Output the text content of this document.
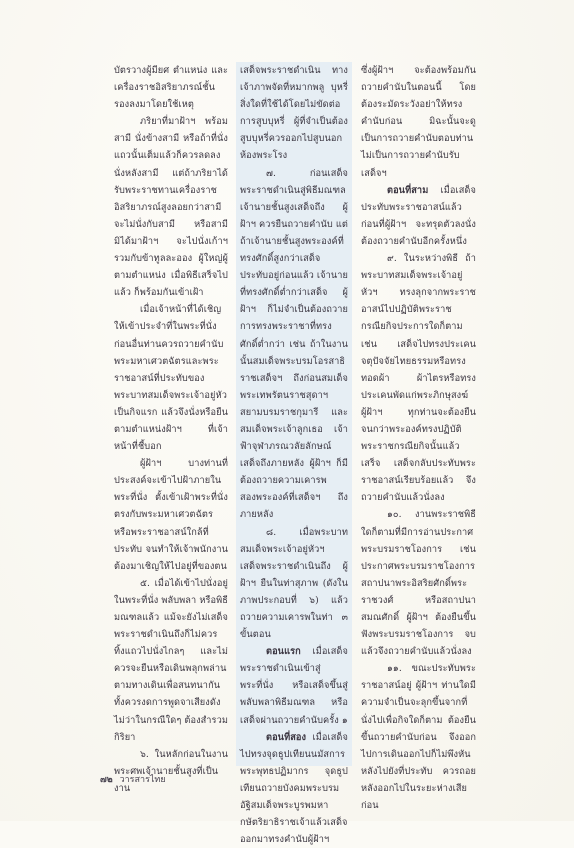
บัตรวางผู้มียศ ตำแหน่ง และเครื่องราชอิสริยาภรณ์ชั้นรองลงมาโดยใช้เหตุ

ภริยาที่มาฝ้าฯ พร้อมสามี นั่งข้างสามี หรือถ้าที่นั่งแถวนั้นเต็มแล้วก็ควรลดลงนั่งหลังสามี แต่ถ้าภริยาได้รับพระราชทานเครื่องราชอิสริยาภรณ์สูงลอยกว่าสามี จะไม่นั่งกับสามี หรือสามีมิได้มาฝ้าฯ จะไปนั่งเก้าฯ รวมกับข้าทูลละออง ผู้ใหญ่ผู้ตามตำแหน่ง เมื่อพิธีเสร็จไปแล้ว ก็พร้อมกันเข้าเฝ้า

เมื่อเจ้าหน้าที่ได้เชิญให้เข้าประจำที่ในพระที่นั่ง ก่อนอื่นท่านควรถวายคำนับพระมหาเศวตฉัตรและพระราชอาสน์ที่ประทับของพระบาทสมเด็จพระเจ้าอยู่หัวเป็นกิจแรก แล้วจึงนั่งหรือยืนตามตำแหน่งฝ้าฯ ที่เจ้าหน้าที่ชี้บอก

ผู้ฝ้าฯ บางท่านที่ประสงค์จะเข้าไปฝ้าภายในพระที่นั่ง ตั้งเข้าเฝ้าพระที่นั่งตรงกับพระมหาเศวตฉัตรหรือพระราชอาสน์ใกล้ที่ประทับ จนทำให้เจ้าพนักงานต้องมาเชิญให้ไปอยู่ที่ของตน

๕. เมื่อได้เข้าไปนั่งอยู่ในพระที่นั่ง พลับพลา หรือพิธีมณฑลแล้ว แม้จะยังไม่เสด็จพระราชดำเนินถึงก็ไม่ควรทิ้งแถวไปนั่งไกลๆ และไม่ควรจะยืนหรือเดินพลุกพล่านตามทางเดินเพื่อสนทนากัน ทั้งควรงดการพูดจาเสียงดัง ไม่ว่าในกรณีใดๆ ต้องสำรวมกิริยา

๖. ในหลักก่อนในงานพระศพเจ้านายชั้นสูงที่เป็นงาน

เสด็จพระราชดำเนิน ทางเจ้าภาพจัดที่หมากพลู บุหรี่ สิ่งใดที่ใช้ได้โดยไม่ขัดต่อการสูบบุหรี่ ผู้ที่จำเป็นต้องสูบบุหรี่ควรออกไปสูบนอกห้องพระโรง

๗. ก่อนเสด็จพระราชดำเนินสู่พิธีมณฑล เจ้านายชั้นสูงเสด็จถึง ผู้ฝ้าฯ ควรยืนถวายคำนับ แต่ถ้าเจ้านายชั้นสูงพระองค์ที่ทรงศักดิ์สูงกว่าเสด็จประทับอยู่ก่อนแล้ว เจ้านายที่ทรงศักดิ์ต่ำกว่าเสด็จ ผู้ฝ้าฯ ก็ไม่จำเป็นต้องถวายการทรงพระราชาที่ทรงศักดิ์ต่ำกว่า เช่น ถ้าในงานนั้นสมเด็จพระบรมโอรสาธิราชเสด็จฯ ถึงก่อนสมเด็จพระเทพรัตนราชสุดาฯ สยามบรมราชกุมารี และ สมเด็จพระเจ้าลูกเธอ เจ้าฟ้าจุฬาภรณวลัยลักษณ์ เสด็จถึงภายหลัง ผู้ฝ้าฯ ก็มีต้องถวายความเคารพสองพระองค์ที่เสด็จฯ ถึงภายหลัง

๘. เมื่อพระบาทสมเด็จพระเจ้าอยู่หัวฯ เสด็จพระราชดำเนินถึง ผู้ฝ้าฯ ยืนในท่าสุภาพ (ดังในภาพประกอบที่ ๖) แล้วถวายความเคารพในท่า ๓ ขั้นตอน

ตอนแรก เมื่อเสด็จพระราชดำเนินเข้าสู่พระที่นั่ง หรือเสด็จขึ้นสู่พลับพลาพิธีมณฑล หรือเสด็จผ่านถวายคำนับครั้ง ๑

ตอนที่สอง เมื่อเสด็จไปทรงจุดธูปเทียนนมัสการพระพุทธปฏิมากร จุดธูปเทียนถวายบังคมพระบรมอัฐิสมเด็จพระบูรพมหากษัตริยาธิราชเจ้าแล้วเสด็จออกมาทรงคำนับผู้ฝ้าฯ

ซึ่งผู้ฝ้าฯ จะต้องพร้อมกันถวายคำนับในตอนนี้ โดยต้องระมัดระวังอย่าให้ทรงคำนับก่อน มิฉะนั้นจะดูเป็นการถวายคำนับตอบท่าน ไม่เป็นการถวายคำนับรับเสด็จฯ

ตอนที่สาม เมื่อเสด็จประทับพระราชอาสน์แล้ว ก่อนที่ผู้ฝ้าฯ จะทรุดตัวลงนั่ง ต้องถวายคำนับอีกครั้งหนึ่ง

๙. ในระหว่างพิธี ถ้าพระบาทสมเด็จพระเจ้าอยู่หัวฯ ทรงลุกจากพระราชอาสน์ไปปฏิบัติพระราชกรณียกิจประการใดก็ตาม เช่น เสด็จไปทรงประเคนจตุปัจจัยไทยธรรมหรือทรงทอดผ้า ผ้าไตรหรือทรงประเคนพัดแก่พระภิกษุสงฆ์ ผู้ฝ้าฯ ทุกท่านจะต้องยืน จนกว่าพระองค์ทรงปฏิบัติพระราชกรณียกิจนั้นแล้วเสร็จ เสด็จกลับประทับพระราชอาสน์เรียบร้อยแล้ว จึงถวายคำนับแล้วนั่งลง

๑๐. งานพระราชพิธีใดก็ตามที่มีการอ่านประกาศพระบรมราชโองการ เช่น ประกาศพระบรมราชโองการสถาปนาพระอิสริยศักดิ์พระราชวงศ์ หรือสถาปนาสมณศักดิ์ ผู้ฝ้าฯ ต้องยืนขึ้นฟังพระบรมราชโองการ จบแล้วจึงถวายคำนับแล้วนั่งลง

๑๑. ขณะประทับพระราชอาสน์อยู่ ผู้ฝ้าฯ ท่านใดมีความจำเป็นจะลุกขึ้นจากที่นั่งไปเพื่อกิจใดก็ตาม ต้องยืนขึ้นถวายคำนับก่อน จึงออกไปการเดินออกไปก็ไม่พึงหันหลังไปยังที่ประทับ ควรถอยหลังออกไปในระยะห่างเสียก่อน

๗๒ วารสารไทย
